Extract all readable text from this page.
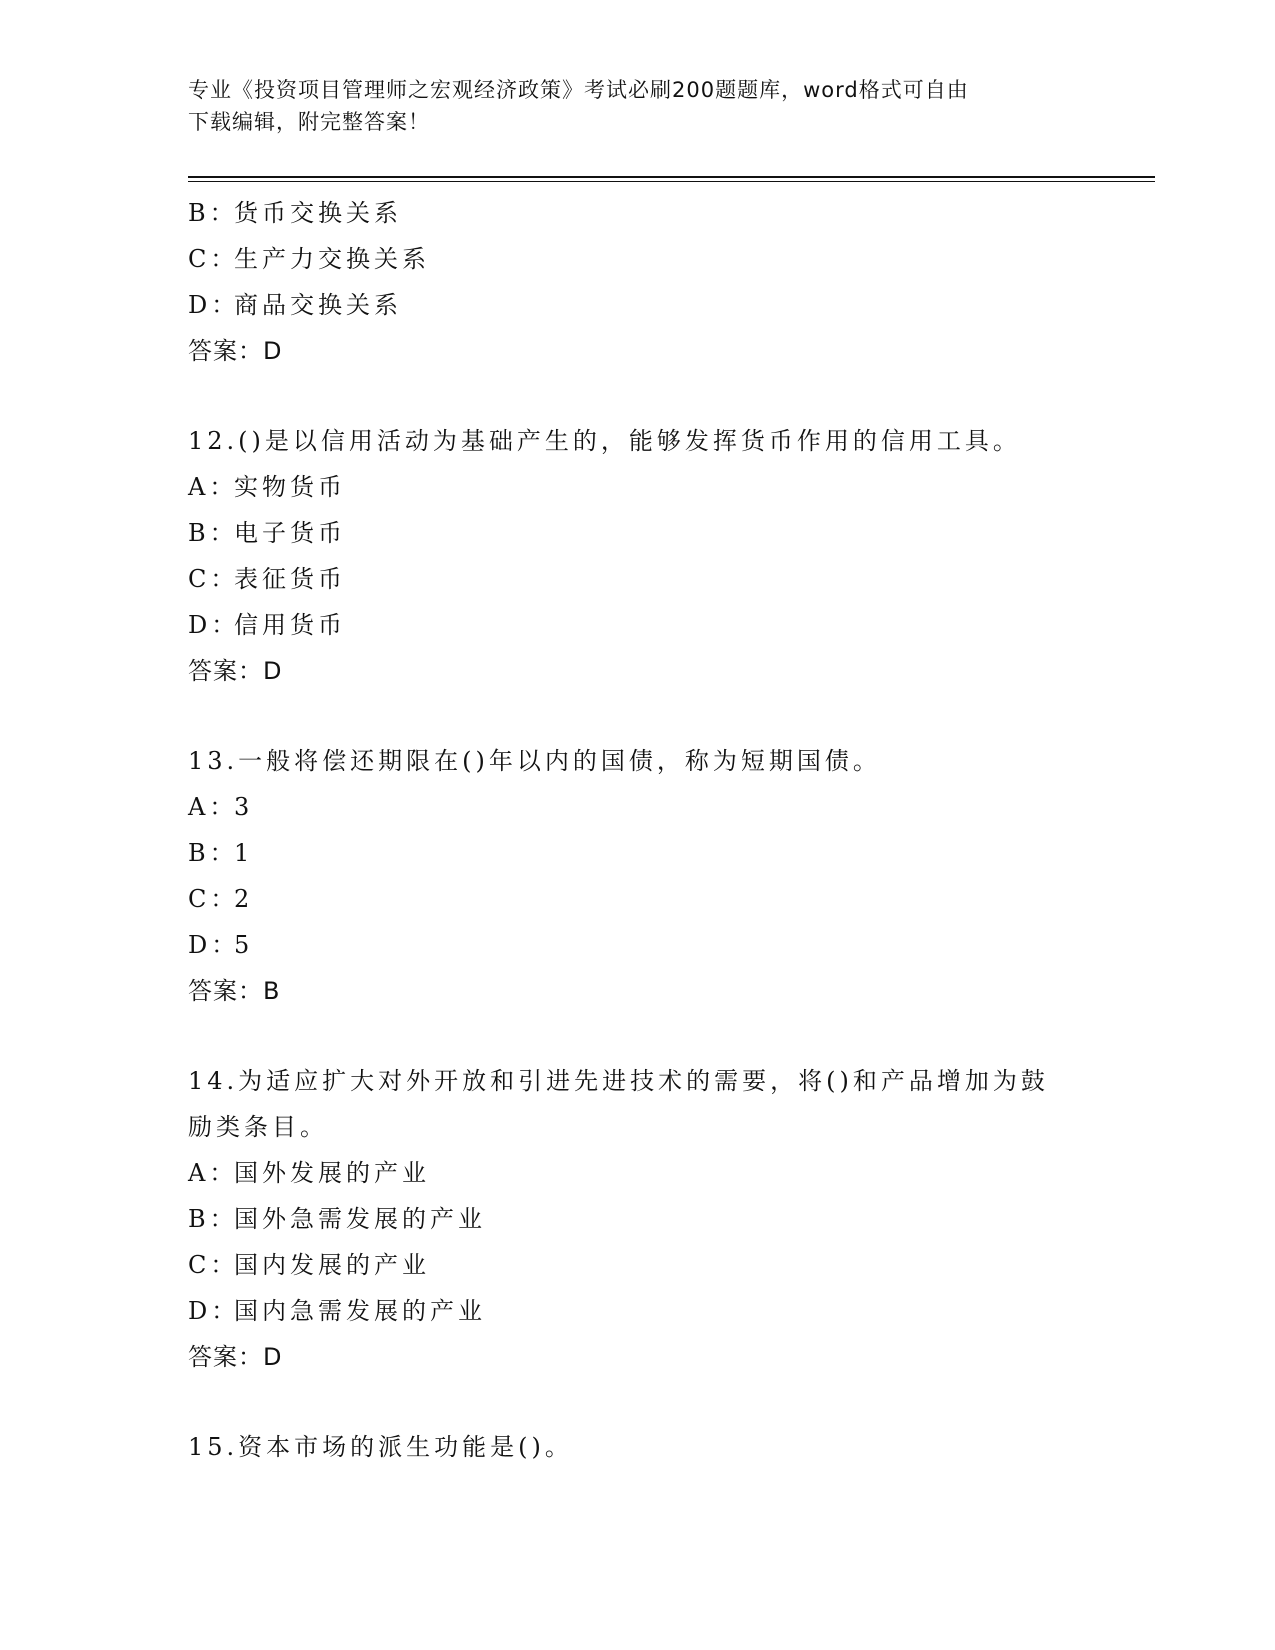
专业《投资项目管理师之宏观经济政策》考试必刷200题题库，word格式可自由
下载编辑，附完整答案！
B：货币交换关系
C：生产力交换关系
D：商品交换关系
答案：D
12.()是以信用活动为基础产生的，能够发挥货币作用的信用工具。
A：实物货币
B：电子货币
C：表征货币
D：信用货币
答案：D
13.一般将偿还期限在()年以内的国债，称为短期国债。
A：3
B：1
C：2
D：5
答案：B
14.为适应扩大对外开放和引进先进技术的需要，将()和产品增加为鼓
励类条目。
A：国外发展的产业
B：国外急需发展的产业
C：国内发展的产业
D：国内急需发展的产业
答案：D
15.资本市场的派生功能是()。
